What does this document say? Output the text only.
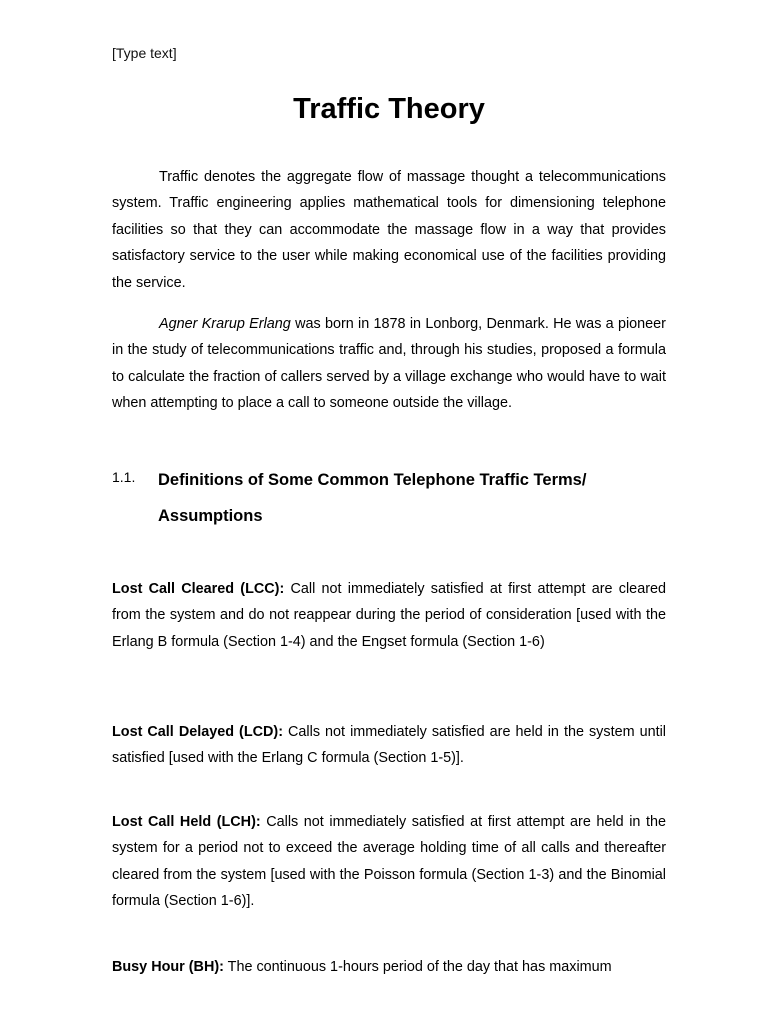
[Type text]
Traffic Theory

Traffic denotes the aggregate flow of massage thought a telecommunications system. Traffic engineering applies mathematical tools for dimensioning telephone facilities so that they can accommodate the massage flow in a way that provides satisfactory service to the user while making economical use of the facilities providing the service.

Agner Krarup Erlang was born in 1878 in Lonborg, Denmark. He was a pioneer in the study of telecommunications traffic and, through his studies, proposed a formula to calculate the fraction of callers served by a village exchange who would have to wait when attempting to place a call to someone outside the village.

1.1. Definitions of Some Common Telephone Traffic Terms/ Assumptions

Lost Call Cleared (LCC): Call not immediately satisfied at first attempt are cleared from the system and do not reappear during the period of consideration [used with the Erlang B formula (Section 1-4) and the Engset formula (Section 1-6)

Lost Call Delayed (LCD): Calls not immediately satisfied are held in the system until satisfied [used with the Erlang C formula (Section 1-5)].

Lost Call Held (LCH): Calls not immediately satisfied at first attempt are held in the system for a period not to exceed the average holding time of all calls and thereafter cleared from the system [used with the Poisson formula (Section 1-3) and the Binomial formula (Section 1-6)].

Busy Hour (BH): The continuous 1-hours period of the day that has maximum
